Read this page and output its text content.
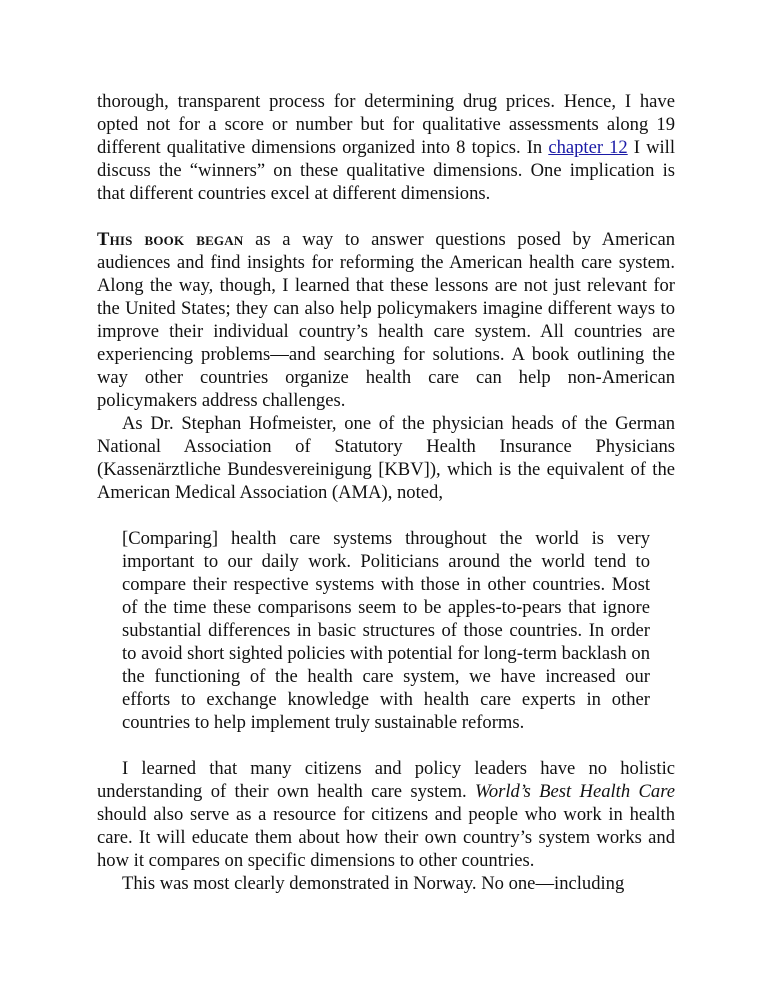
thorough, transparent process for determining drug prices. Hence, I have opted not for a score or number but for qualitative assessments along 19 different qualitative dimensions organized into 8 topics. In chapter 12 I will discuss the “winners” on these qualitative dimensions. One implication is that different countries excel at different dimensions.

This book began as a way to answer questions posed by American audiences and find insights for reforming the American health care system. Along the way, though, I learned that these lessons are not just relevant for the United States; they can also help policymakers imagine different ways to improve their individual country’s health care system. All countries are experiencing problems—and searching for solutions. A book outlining the way other countries organize health care can help non-American policymakers address challenges.

As Dr. Stephan Hofmeister, one of the physician heads of the German National Association of Statutory Health Insurance Physicians (Kassenärztliche Bundesvereinigung [KBV]), which is the equivalent of the American Medical Association (AMA), noted,

[Comparing] health care systems throughout the world is very important to our daily work. Politicians around the world tend to compare their respective systems with those in other countries. Most of the time these comparisons seem to be apples-to-pears that ignore substantial differences in basic structures of those countries. In order to avoid short sighted policies with potential for long-term backlash on the functioning of the health care system, we have increased our efforts to exchange knowledge with health care experts in other countries to help implement truly sustainable reforms.

I learned that many citizens and policy leaders have no holistic understanding of their own health care system. World’s Best Health Care should also serve as a resource for citizens and people who work in health care. It will educate them about how their own country’s system works and how it compares on specific dimensions to other countries.

This was most clearly demonstrated in Norway. No one—including
